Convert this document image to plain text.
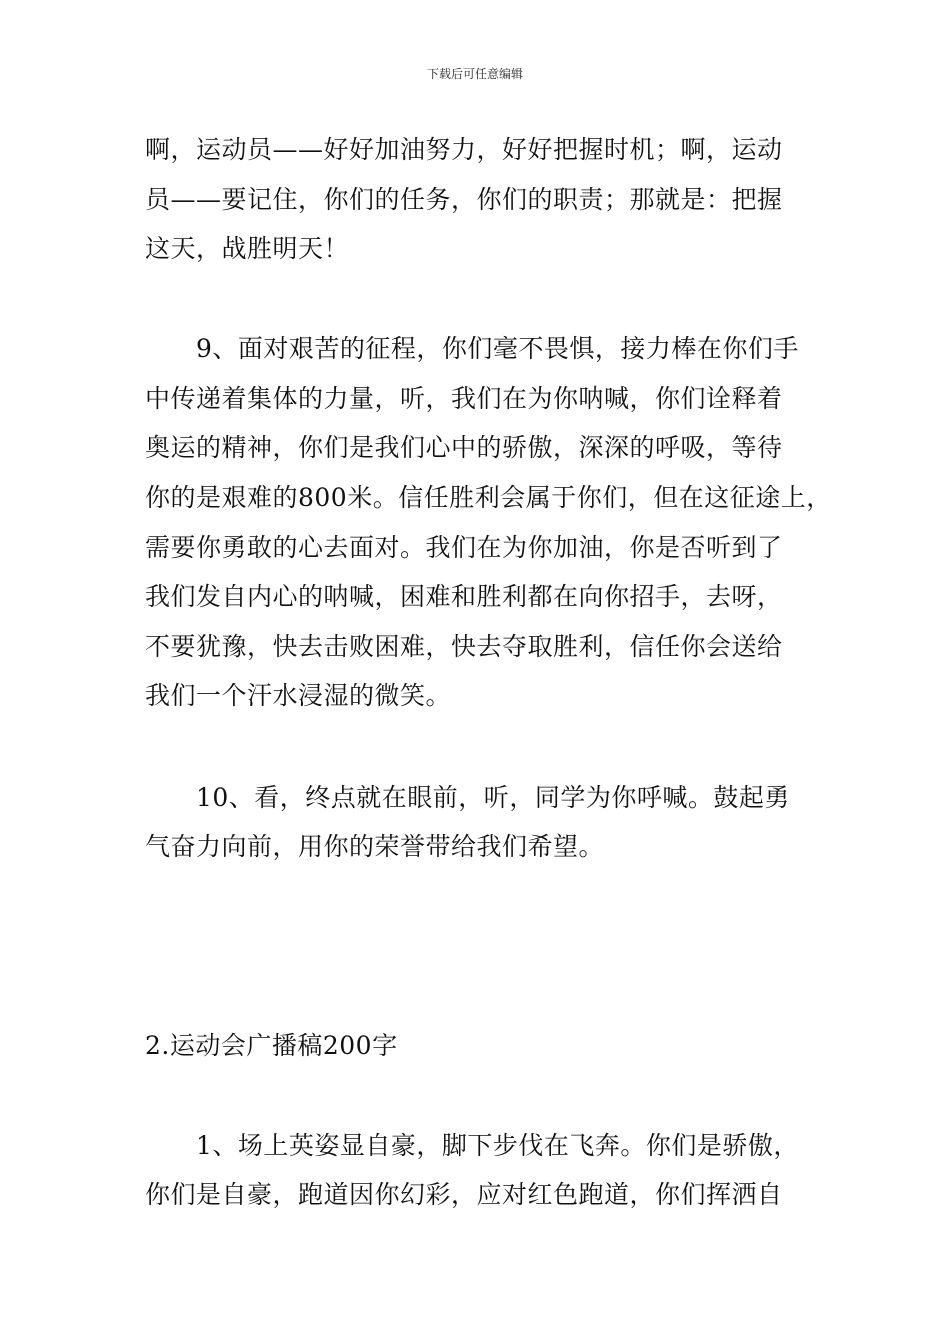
下载后可任意编辑
啊，运动员——好好加油努力，好好把握时机；啊，运动
员——要记住，你们的任务，你们的职责；那就是：把握
这天，战胜明天！
9、面对艰苦的征程，你们毫不畏惧，接力棒在你们手
中传递着集体的力量，听，我们在为你呐喊，你们诠释着
奥运的精神，你们是我们心中的骄傲，深深的呼吸，等待
你的是艰难的800米。信任胜利会属于你们，但在这征途上，
需要你勇敢的心去面对。我们在为你加油，你是否听到了
我们发自内心的呐喊，困难和胜利都在向你招手，去呀，
不要犹豫，快去击败困难，快去夺取胜利，信任你会送给
我们一个汗水浸湿的微笑。
10、看，终点就在眼前，听，同学为你呼喊。鼓起勇
气奋力向前，用你的荣誉带给我们希望。
2.运动会广播稿200字
1、场上英姿显自豪，脚下步伐在飞奔。你们是骄傲，
你们是自豪，跑道因你幻彩，应对红色跑道，你们挥洒自
